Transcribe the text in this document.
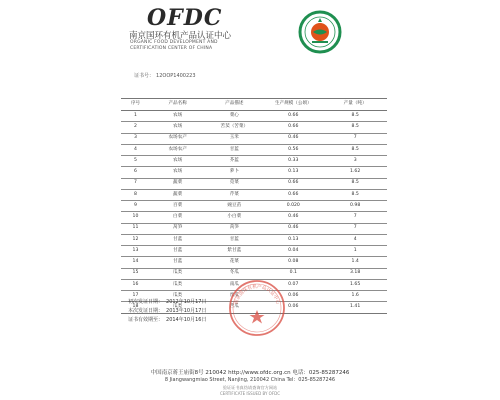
OFDC
南京国环有机产品认证中心
ORGANIC FOOD DEVELOPMENT AND
CERTIFICATION CENTER OF CHINA
证书号： 12OOP1400223
序号	产品名称	产品描述	生产规模（公顷）	产量（吨）
1	农场	菜心	0.66	8.5
2	农场	苦荬（苦菜）	0.66	8.5
3	农场农产	玉米	0.46	7
4	农场农产	甘蓝	0.56	8.5
5	农场	芥蓝	0.33	3
6	农场	萝卜	0.13	1.62
7	蔬菜	苋菜	0.66	8.5
8	蔬菜	芹菜	0.66	8.5
9	百菜	豌豆苗	0.020	0.98
10	白菜	小白菜	0.46	7
11	莴笋	莴笋	0.46	7
12	甘蓝	甘蓝	0.13	4
13	甘蓝	紫甘蓝	0.04	1
14	甘蓝	花菜	0.08	1.4
15	瓜类	冬瓜	0.1	3.18
16	瓜类	南瓜	0.07	1.65
17	瓜类	丝瓜	0.06	1.6
18	瓜类	苦瓜	0.06	1.41
初次发证日期： 2012年10月17日
本次发证日期： 2013年10月17日
证书有效期至： 2014年10月16日
南京国环有机产品认证中心
中国南京蒋王庙街8号 210042 http://www.ofdc.org.cn 电话：025-85287246
8 Jiangwangmiao Street, Nanjing, 210042 China Tel：025-85287246
验证证书真伪请查询官方网站
CERTIFICATE ISSUED BY OFDC
